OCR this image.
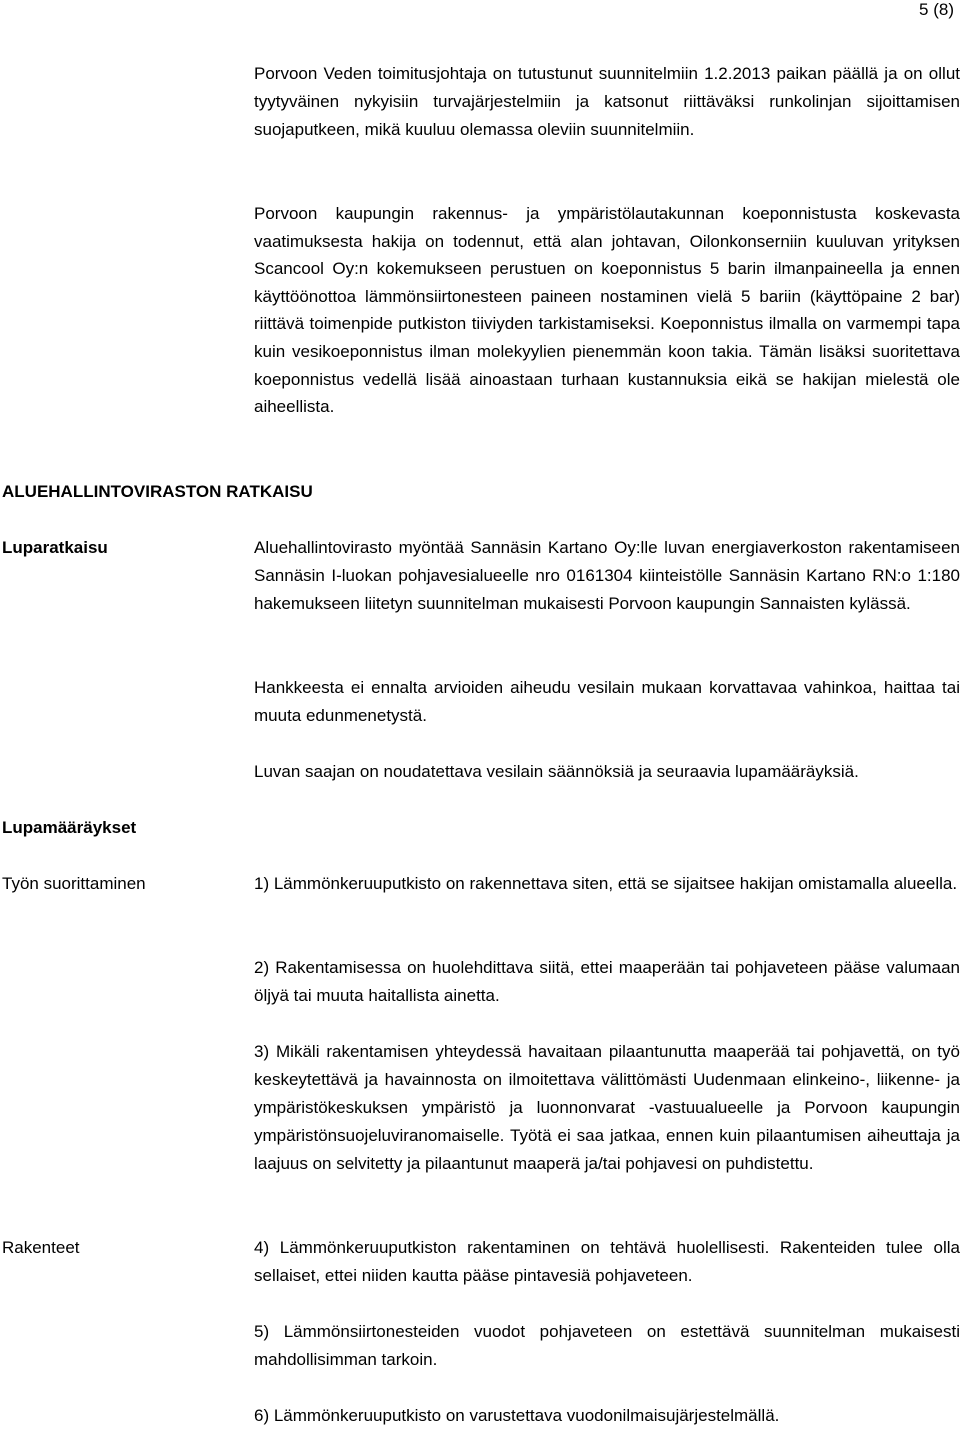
5 (8)
Porvoon Veden toimitusjohtaja on tutustunut suunnitelmiin 1.2.2013 paikan päällä ja on ollut tyytyväinen nykyisiin turvajärjestelmiin ja katsonut riittäväksi runkolinjan sijoittamisen suojaputkeen, mikä kuuluu olemassa oleviin suunnitelmiin.
Porvoon kaupungin rakennus- ja ympäristölautakunnan koeponnistusta koskevasta vaatimuksesta hakija on todennut, että alan johtavan, Oilonkonserniin kuuluvan yrityksen Scancool Oy:n kokemukseen perustuen on koeponnistus 5 barin ilmanpaineella ja ennen käyttöönottoa lämmönsiirtonesteen paineen nostaminen vielä 5 bariin (käyttöpaine 2 bar) riittävä toimenpide putkiston tiiviyden tarkistamiseksi. Koeponnistus ilmalla on varmempi tapa kuin vesikoeponnistus ilman molekyylien pienemmän koon takia. Tämän lisäksi suoritettava koeponnistus vedellä lisää ainoastaan turhaan kustannuksia eikä se hakijan mielestä ole aiheellista.
ALUEHALLINTOVIRASTON RATKAISU
Luparatkaisu	Aluehallintovirasto myöntää Sannäsin Kartano Oy:lle luvan energiaverkoston rakentamiseen Sannäsin I-luokan pohjavesialueelle nro 0161304 kiinteistölle Sannäsin Kartano RN:o 1:180 hakemukseen liitetyn suunnitelman mukaisesti Porvoon kaupungin Sannaisten kylässä.
Hankkeesta ei ennalta arvioiden aiheudu vesilain mukaan korvattavaa vahinkoa, haittaa tai muuta edunmenetystä.
Luvan saajan on noudatettava vesilain säännöksiä ja seuraavia lupamääräyksiä.
Lupamääräykset
Työn suorittaminen	1) Lämmönkeruuputkisto on rakennettava siten, että se sijaitsee hakijan omistamalla alueella.
2) Rakentamisessa on huolehdittava siitä, ettei maaperään tai pohjaveteen pääse valumaan öljyä tai muuta haitallista ainetta.
3) Mikäli rakentamisen yhteydessä havaitaan pilaantunutta maaperää tai pohjavettä, on työ keskeytettävä ja havainnosta on ilmoitettava välittömästi Uudenmaan elinkeino-, liikenne- ja ympäristökeskuksen ympäristö ja luonnonvarat -vastuualueelle ja Porvoon kaupungin ympäristönsuojeluviranomaiselle. Työtä ei saa jatkaa, ennen kuin pilaantumisen aiheuttaja ja laajuus on selvitetty ja pilaantunut maaperä ja/tai pohjavesi on puhdistettu.
Rakenteet	4) Lämmönkeruuputkiston rakentaminen on tehtävä huolellisesti. Rakenteiden tulee olla sellaiset, ettei niiden kautta pääse pintavesiä pohjaveteen.
5) Lämmönsiirtonesteiden vuodot pohjaveteen on estettävä suunnitelman mukaisesti mahdollisimman tarkoin.
6) Lämmönkeruuputkisto on varustettava vuodonilmaisujärjestelmällä.
